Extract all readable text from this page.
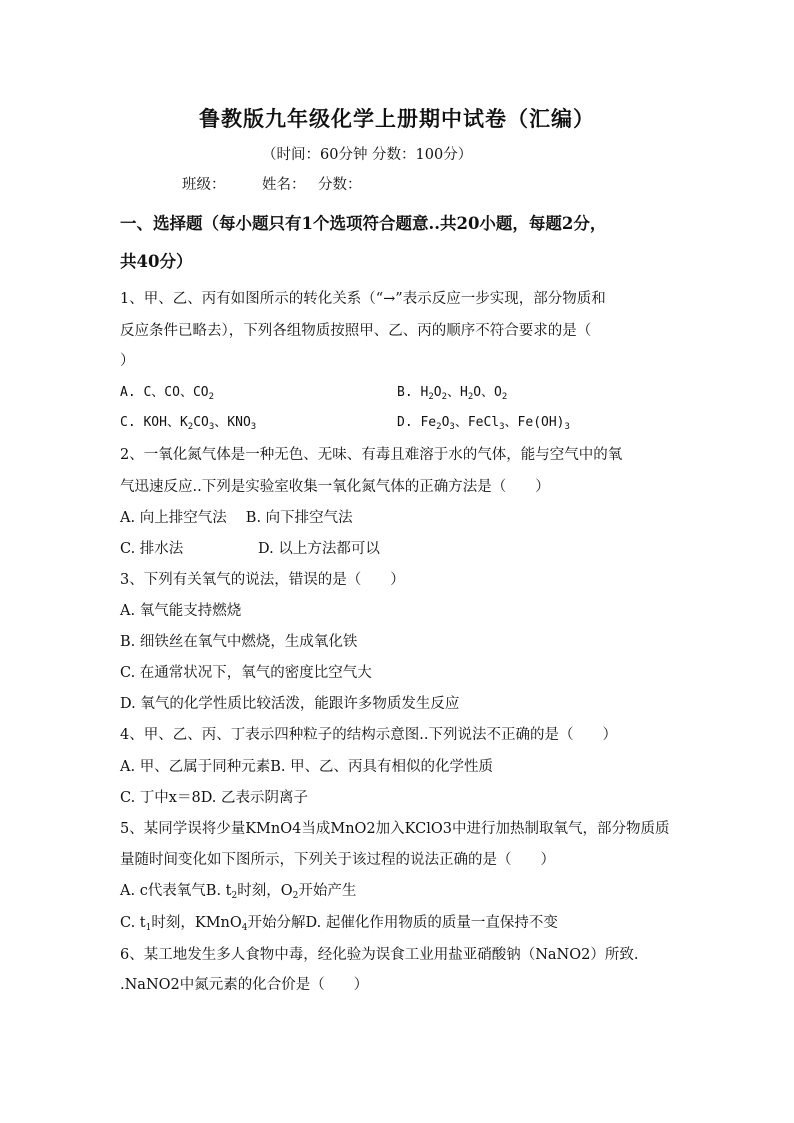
鲁教版九年级化学上册期中试卷（汇编）
（时间：60分钟 分数：100分）
班级：	姓名： 分数：
一、选择题（每小题只有1个选项符合题意..共20小题，每题2分，
共40分）
1、甲、乙、丙有如图所示的转化关系（“→”表示反应一步实现，部分物质和
反应条件已略去），下列各组物质按照甲、乙、丙的顺序不符合要求的是（
）
A. C、CO、$CO_2$	B. $H_2O_2$、$H_2O$、$O_2$
C. KOH、$K_2CO_3$、$KNO_3$	D. $Fe_2O_3$、FeCl$_3$、$Fe(OH)_3$
2、一氧化氮气体是一种无色、无味、有毒且难溶于水的气体，能与空气中的氧
气迅速反应..下列是实验室收集一氧化氮气体的正确方法是（　　）
A. 向上排空气法　 B. 向下排空气法
C. 排水法	D. 以上方法都可以
3、下列有关氧气的说法，错误的是（　　）
A. 氧气能支持燃烧
B. 细铁丝在氧气中燃烧，生成氧化铁
C. 在通常状况下，氧气的密度比空气大
D. 氧气的化学性质比较活泼，能跟许多物质发生反应
4、甲、乙、丙、丁表示四种粒子的结构示意图..下列说法不正确的是（　　）
A. 甲、乙属于同种元素B. 甲、乙、丙具有相似的化学性质
C. 丁中x＝8D. 乙表示阴离子
5、某同学误将少量KMnO4当成MnO2加入KClO3中进行加热制取氧气，部分物质质
量随时间变化如下图所示，下列关于该过程的说法正确的是（　　）
A. c代表氧气B. $t_2$时刻，$O_2$开始产生
C. $t_1$时刻，KMnO$_4$开始分解D. 起催化作用物质的质量一直保持不变
6、某工地发生多人食物中毒，经化验为误食工业用盐亚硝酸钠（NaNO2）所致.
.NaNO2中氮元素的化合价是（　　）
